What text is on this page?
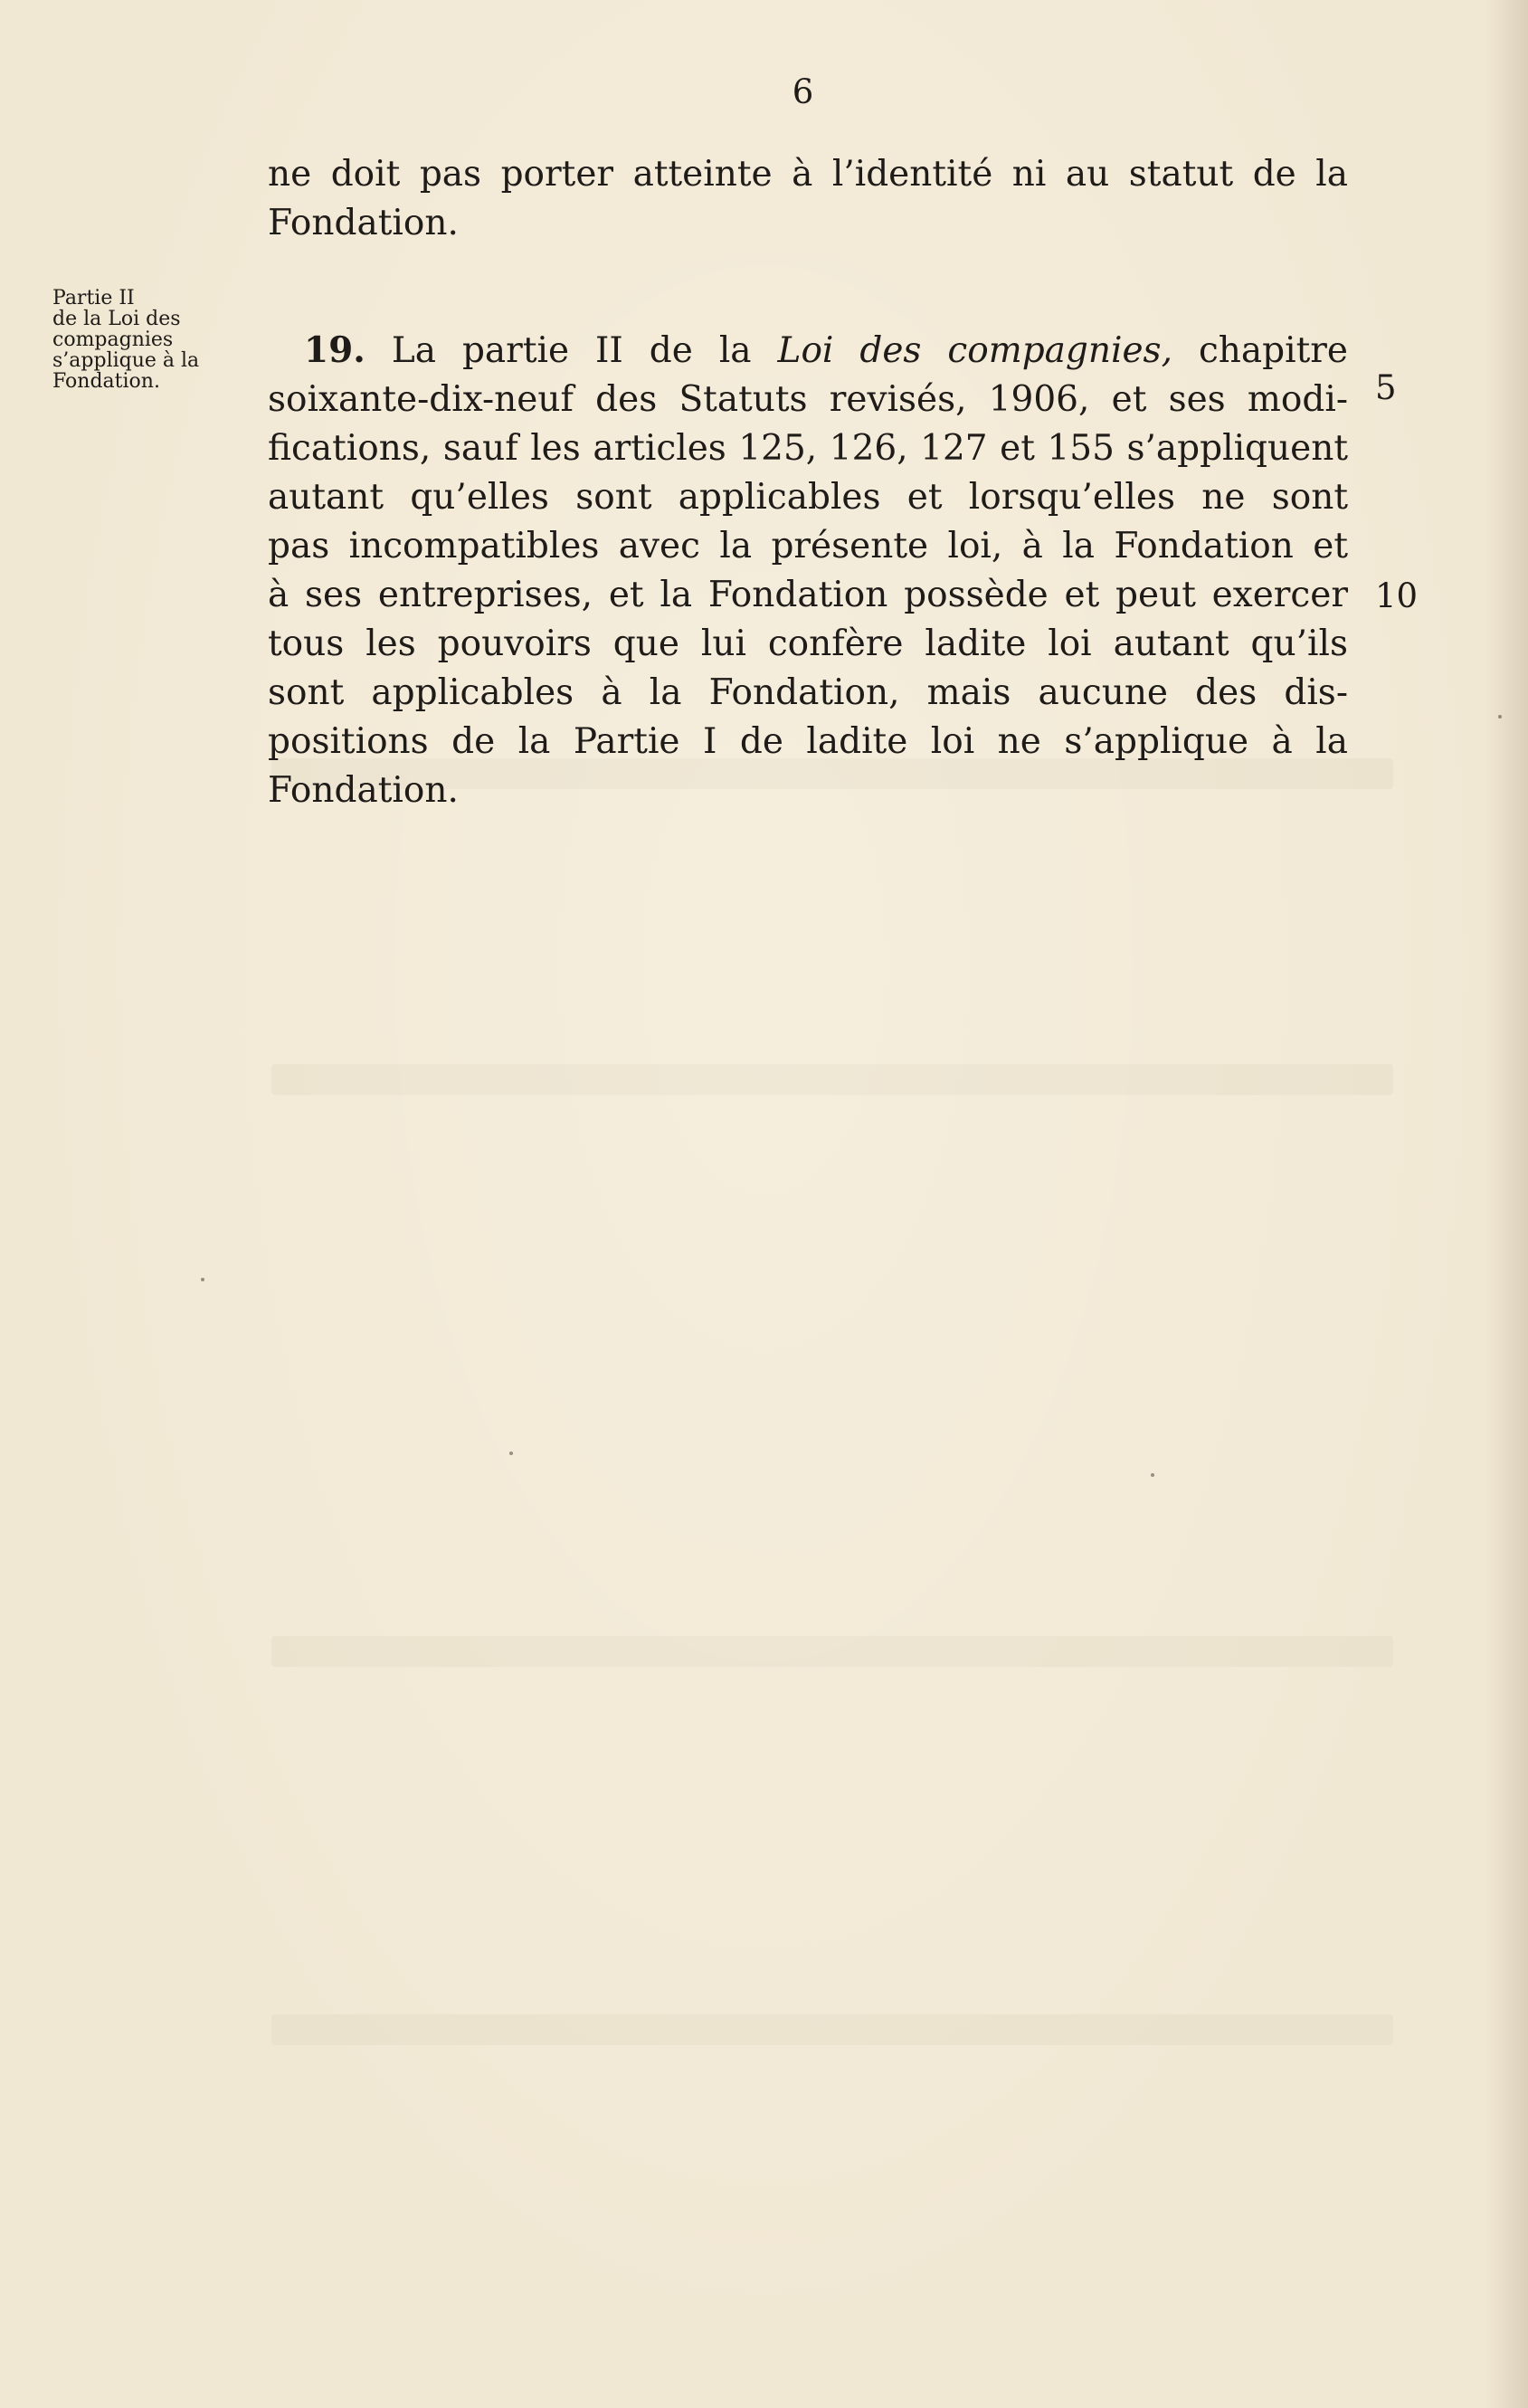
6
Partie II
de la Loi des
compagnies
s’applique à la
Fondation.

ne doit pas porter atteinte à l’identité ni au statut de la
Fondation.

19. La partie II de la Loi des compagnies, chapitre
soixante-dix-neuf des Statuts revisés, 1906, et ses modi-
fications, sauf les articles 125, 126, 127 et 155 s’appliquent
autant qu’elles sont applicables et lorsqu’elles ne sont
pas incompatibles avec la présente loi, à la Fondation et
à ses entreprises, et la Fondation possède et peut exercer
tous les pouvoirs que lui confère ladite loi autant qu’ils
sont applicables à la Fondation, mais aucune des dis-
positions de la Partie I de ladite loi ne s’applique à la
Fondation.

5
10
